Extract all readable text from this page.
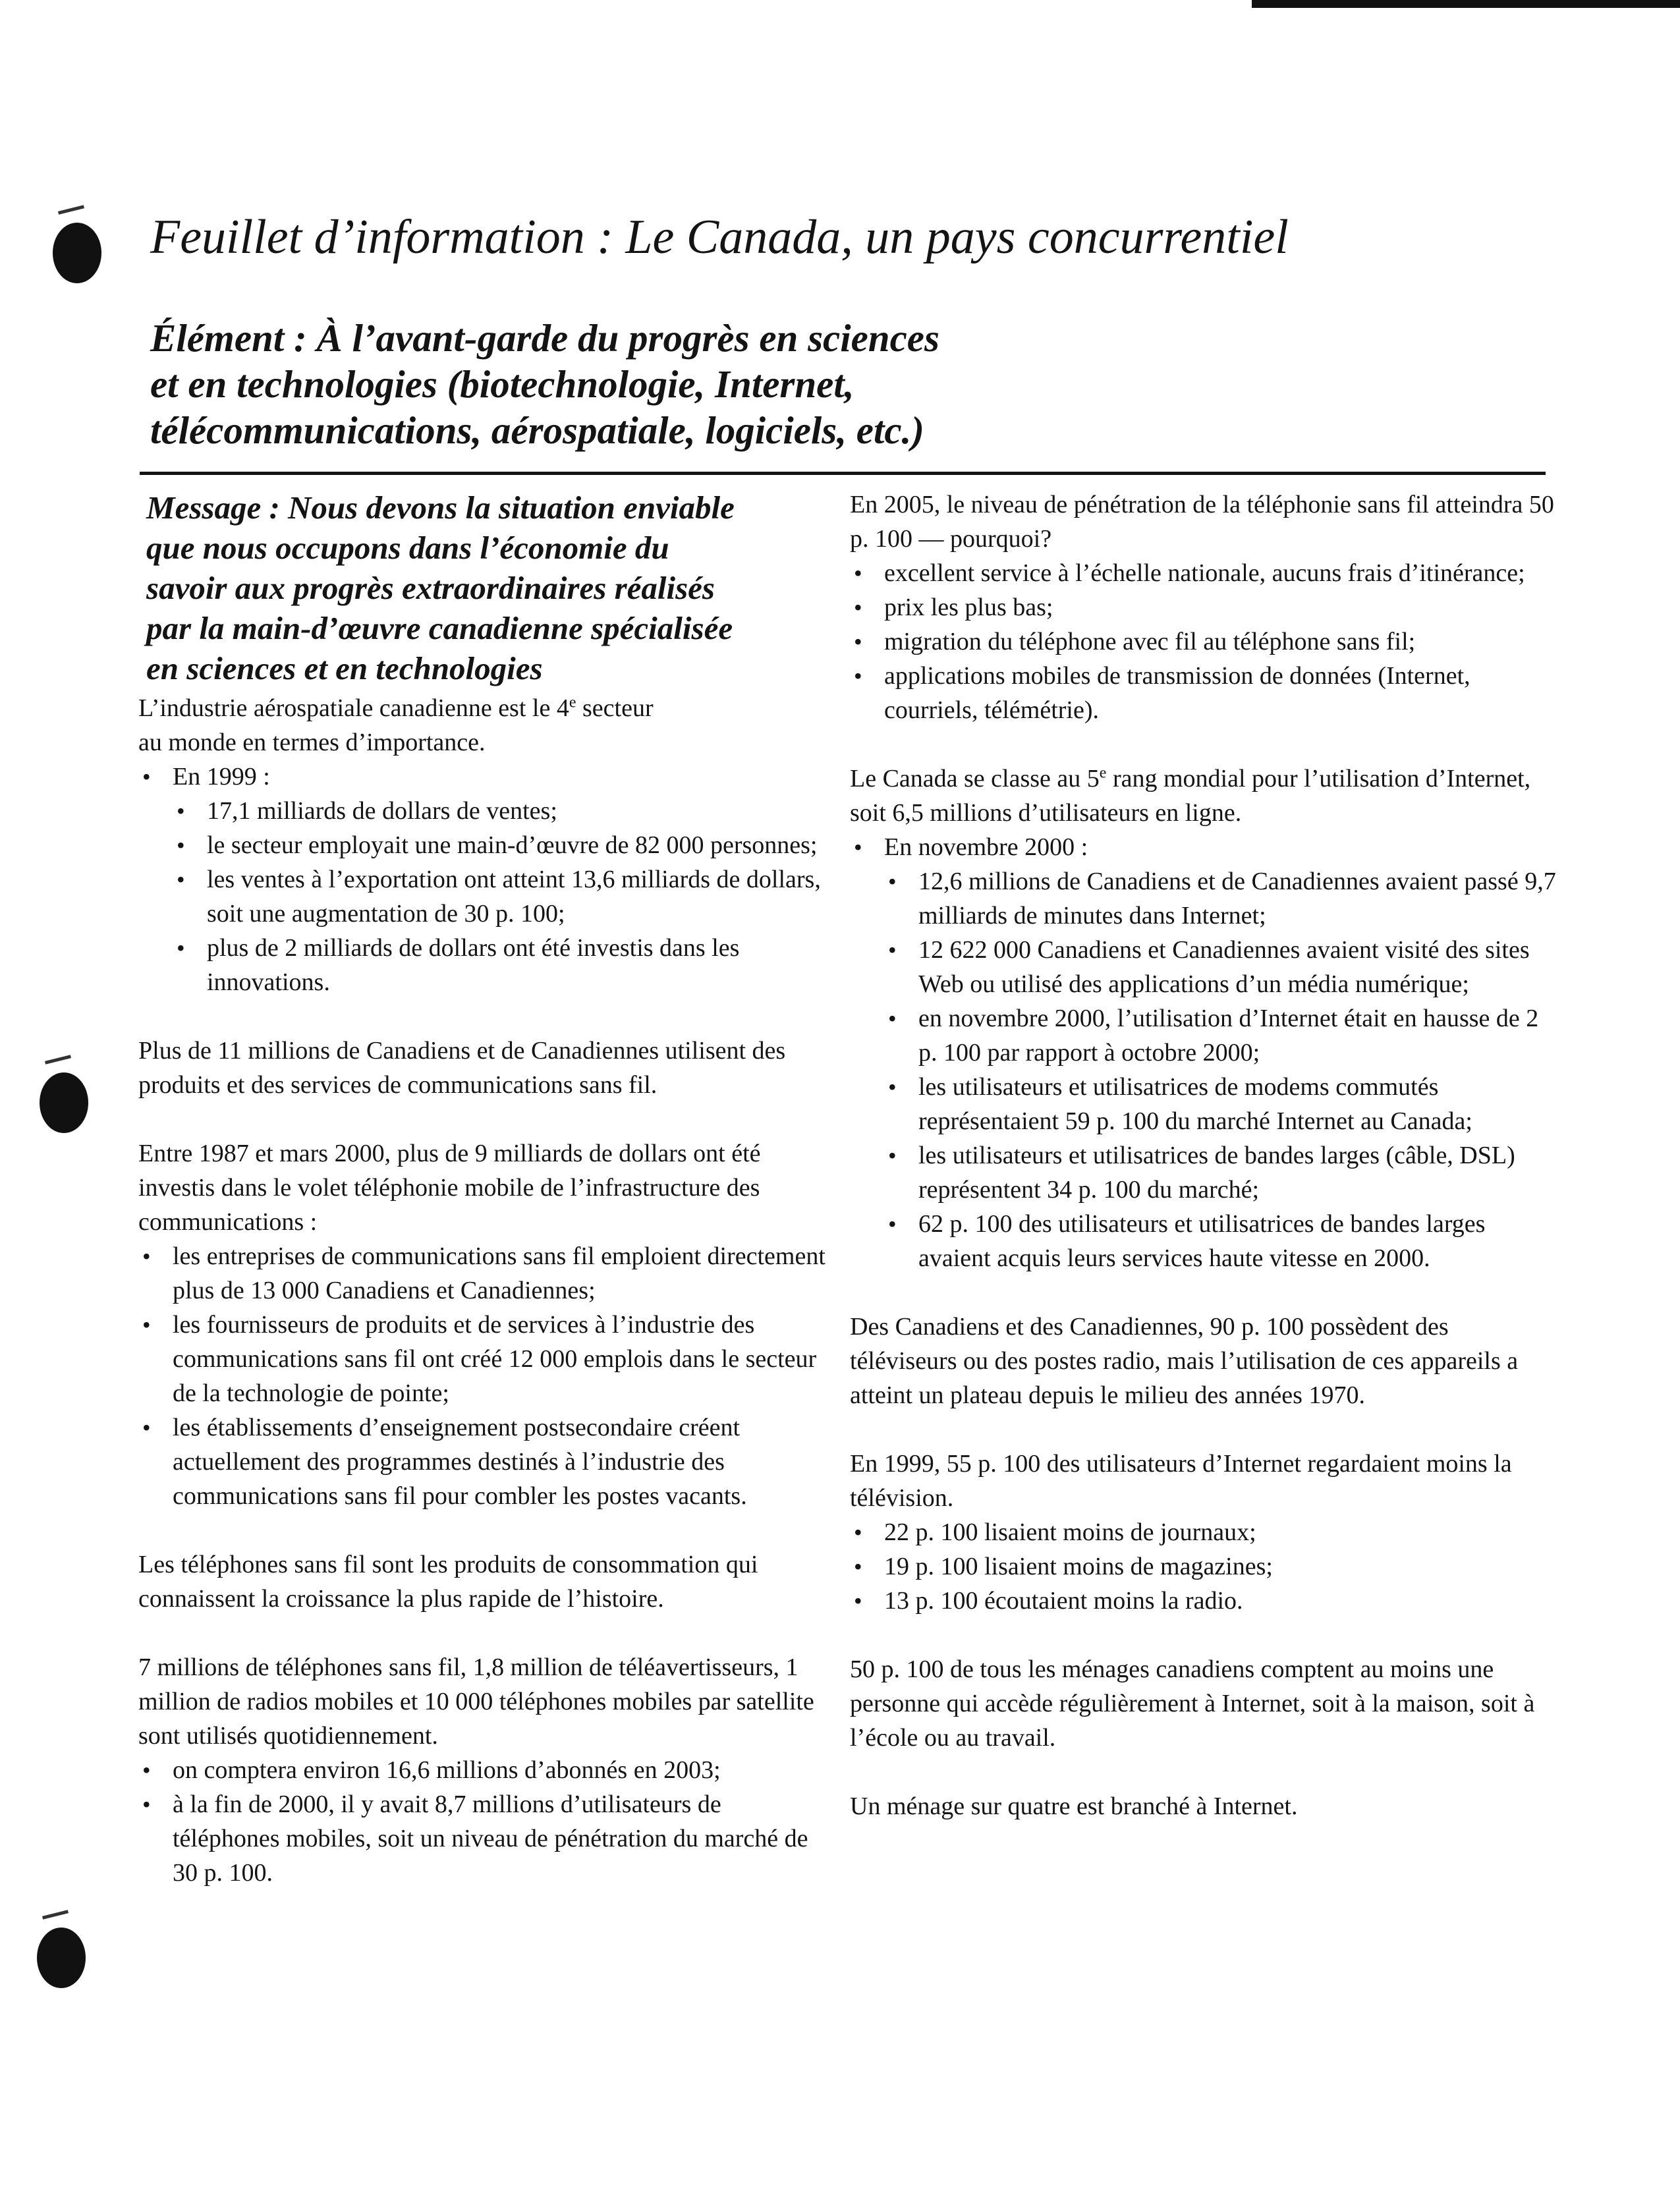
Feuillet d’information : Le Canada, un pays concurrentiel
Élément : À l’avant-garde du progrès en sciences
et en technologies (biotechnologie, Internet,
télécommunications, aérospatiale, logiciels, etc.)
Message : Nous devons la situation enviable
que nous occupons dans l’économie du
savoir aux progrès extraordinaires réalisés
par la main-d’œuvre canadienne spécialisée
en sciences et en technologies

L’industrie aérospatiale canadienne est le 4e secteur
au monde en termes d’importance.

• En 1999 :
• 17,1 milliards de dollars de ventes;
• le secteur employait une main-d’œuvre de 82 000 personnes;
• les ventes à l’exportation ont atteint 13,6 milliards de dollars, soit une augmentation de 30 p. 100;
• plus de 2 milliards de dollars ont été investis dans les innovations.

Plus de 11 millions de Canadiens et de Canadiennes utilisent des produits et des services de communications sans fil.

Entre 1987 et mars 2000, plus de 9 milliards de dollars ont été investis dans le volet téléphonie mobile de l’infrastructure des communications :

• les entreprises de communications sans fil emploient directement plus de 13 000 Canadiens et Canadiennes;
• les fournisseurs de produits et de services à l’industrie des communications sans fil ont créé 12 000 emplois dans le secteur de la technologie de pointe;
• les établissements d’enseignement postsecondaire créent actuellement des programmes destinés à l’industrie des communications sans fil pour combler les postes vacants.

Les téléphones sans fil sont les produits de consommation qui connaissent la croissance la plus rapide de l’histoire.

7 millions de téléphones sans fil, 1,8 million de téléavertisseurs, 1 million de radios mobiles et 10 000 téléphones mobiles par satellite sont utilisés quotidiennement.

• on comptera environ 16,6 millions d’abonnés en 2003;
• à la fin de 2000, il y avait 8,7 millions d’utilisateurs de téléphones mobiles, soit un niveau de pénétration du marché de 30 p. 100.

En 2005, le niveau de pénétration de la téléphonie sans fil atteindra 50 p. 100 — pourquoi?

• excellent service à l’échelle nationale, aucuns frais d’itinérance;
• prix les plus bas;
• migration du téléphone avec fil au téléphone sans fil;
• applications mobiles de transmission de données (Internet, courriels, télémétrie).

Le Canada se classe au 5e rang mondial pour l’utilisation d’Internet, soit 6,5 millions d’utilisateurs en ligne.

• En novembre 2000 :
• 12,6 millions de Canadiens et de Canadiennes avaient passé 9,7 milliards de minutes dans Internet;
• 12 622 000 Canadiens et Canadiennes avaient visité des sites Web ou utilisé des applications d’un média numérique;
• en novembre 2000, l’utilisation d’Internet était en hausse de 2 p. 100 par rapport à octobre 2000;
• les utilisateurs et utilisatrices de modems commutés représentaient 59 p. 100 du marché Internet au Canada;
• les utilisateurs et utilisatrices de bandes larges (câble, DSL) représentent 34 p. 100 du marché;
• 62 p. 100 des utilisateurs et utilisatrices de bandes larges avaient acquis leurs services haute vitesse en 2000.

Des Canadiens et des Canadiennes, 90 p. 100 possèdent des téléviseurs ou des postes radio, mais l’utilisation de ces appareils a atteint un plateau depuis le milieu des années 1970.

En 1999, 55 p. 100 des utilisateurs d’Internet regardaient moins la télévision.

• 22 p. 100 lisaient moins de journaux;
• 19 p. 100 lisaient moins de magazines;
• 13 p. 100 écoutaient moins la radio.

50 p. 100 de tous les ménages canadiens comptent au moins une personne qui accède régulièrement à Internet, soit à la maison, soit à l’école ou au travail.

Un ménage sur quatre est branché à Internet.
